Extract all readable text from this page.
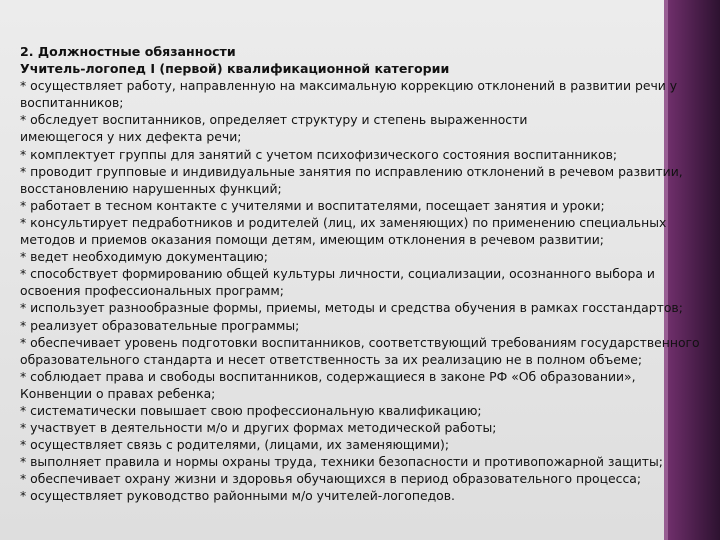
2. Должностные обязанности
Учитель-логопед I (первой) квалификационной категории
* осуществляет работу, направленную на максимальную коррекцию отклонений в развитии речи у
воспитанников;
* обследует воспитанников, определяет структуру и степень выраженности
имеющегося у них дефекта речи;
* комплектует группы для занятий с учетом психофизического состояния воспитанников;
* проводит групповые и индивидуальные занятия по исправлению отклонений в речевом развитии,
восстановлению нарушенных функций;
* работает в тесном контакте с учителями и воспитателями, посещает занятия и уроки;
* консультирует педработников и родителей (лиц, их заменяющих) по применению специальных
методов и приемов оказания помощи детям, имеющим отклонения в речевом развитии;
* ведет необходимую документацию;
* способствует формированию общей культуры личности, социализации, осознанного выбора и
освоения профессиональных программ;
* использует разнообразные формы, приемы, методы и средства обучения в рамках госстандартов;
* реализует образовательные программы;
* обеспечивает уровень подготовки воспитанников, соответствующий требованиям государственного
образовательного стандарта и несет ответственность за их реализацию не в полном объеме;
* соблюдает права и свободы воспитанников, содержащиеся в законе РФ «Об образовании»,
Конвенции о правах ребенка;
* систематически повышает свою профессиональную квалификацию;
* участвует в деятельности м/о и других формах методической работы;
* осуществляет связь с родителями, (лицами, их заменяющими);
* выполняет правила и нормы охраны труда, техники безопасности и противопожарной защиты;
* обеспечивает охрану жизни и здоровья обучающихся в период образовательного процесса;
* осуществляет руководство районными м/о учителей-логопедов.
